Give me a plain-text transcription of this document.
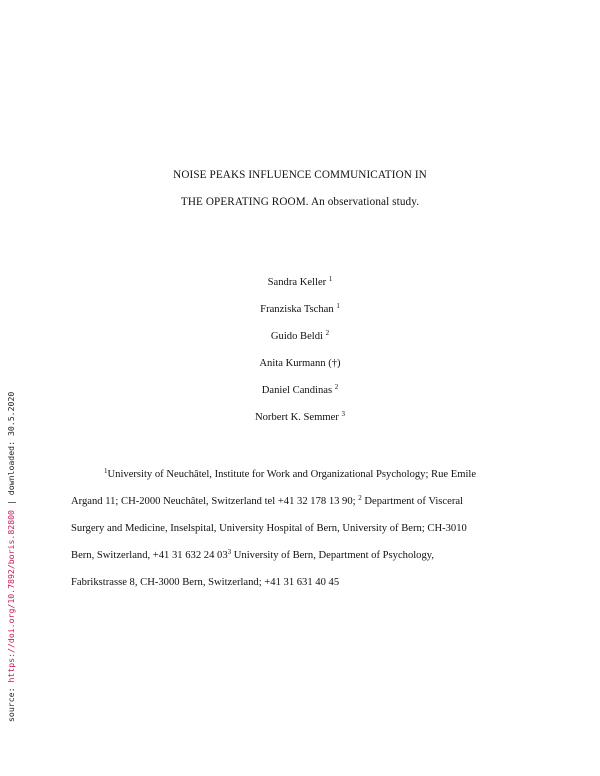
source: https://doi.org/10.7892/boris.82800 | downloaded: 30.5.2020
NOISE PEAKS INFLUENCE COMMUNICATION IN
THE OPERATING ROOM. An observational study.
Sandra Keller $^1$
Franziska Tschan $^1$
Guido Beldi $^2$
Anita Kurmann (†)
Daniel Candinas $^2$
Norbert K. Semmer $^3$
$^1$University of Neuchâtel, Institute for Work and Organizational Psychology; Rue Emile
Argand 11; CH-2000 Neuchâtel, Switzerland tel +41 32 178 13 90; $^2$ Department of Visceral
Surgery and Medicine, Inselspital, University Hospital of Bern, University of Bern; CH-3010
Bern, Switzerland, +41 31 632 24 $03^3$ University of Bern, Department of Psychology,
Fabrikstrasse 8, CH-3000 Bern, Switzerland; +41 31 631 40 45
